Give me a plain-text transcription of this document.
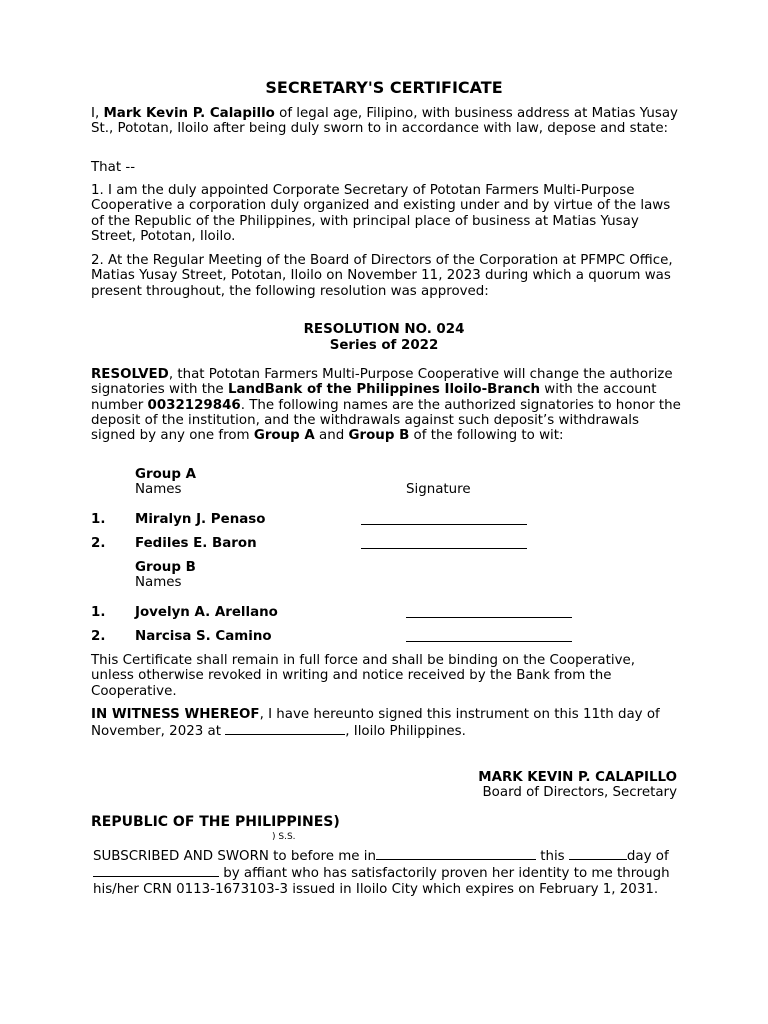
SECRETARY'S CERTIFICATE

I, Mark Kevin P. Calapillo of legal age, Filipino, with business address at Matias Yusay St., Pototan, Iloilo after being duly sworn to in accordance with law, depose and state:

That --

1. I am the duly appointed Corporate Secretary of Pototan Farmers Multi-Purpose Cooperative a corporation duly organized and existing under and by virtue of the laws of the Republic of the Philippines, with principal place of business at Matias Yusay Street, Pototan, Iloilo.

2. At the Regular Meeting of the Board of Directors of the Corporation at PFMPC Office, Matias Yusay Street, Pototan, Iloilo on November 11, 2023 during which a quorum was present throughout, the following resolution was approved:

RESOLUTION NO. 024
Series of 2022

RESOLVED, that Pototan Farmers Multi-Purpose Cooperative will change the authorize signatories with the LandBank of the Philippines Iloilo-Branch with the account number 0032129846. The following names are the authorized signatories to honor the deposit of the institution, and the withdrawals against such deposit’s withdrawals signed by any one from Group A and Group B of the following to wit:

Group A
Names	Signature
1. Miralyn J. Penaso
2. Fediles E. Baron
Group B
Names
1. Jovelyn A. Arellano
2. Narcisa S. Camino

This Certificate shall remain in full force and shall be binding on the Cooperative, unless otherwise revoked in writing and notice received by the Bank from the Cooperative.

IN WITNESS WHEREOF, I have hereunto signed this instrument on this 11th day of November, 2023 at	, Iloilo Philippines.

MARK KEVIN P. CALAPILLO
Board of Directors, Secretary
REPUBLIC OF THE PHILIPPINES)
) S.S.

SUBSCRIBED AND SWORN to before me in	this	day of by affiant who has satisfactorily proven her identity to me through his/her CRN 0113-1673103-3 issued in Iloilo City which expires on February 1, 2031.
